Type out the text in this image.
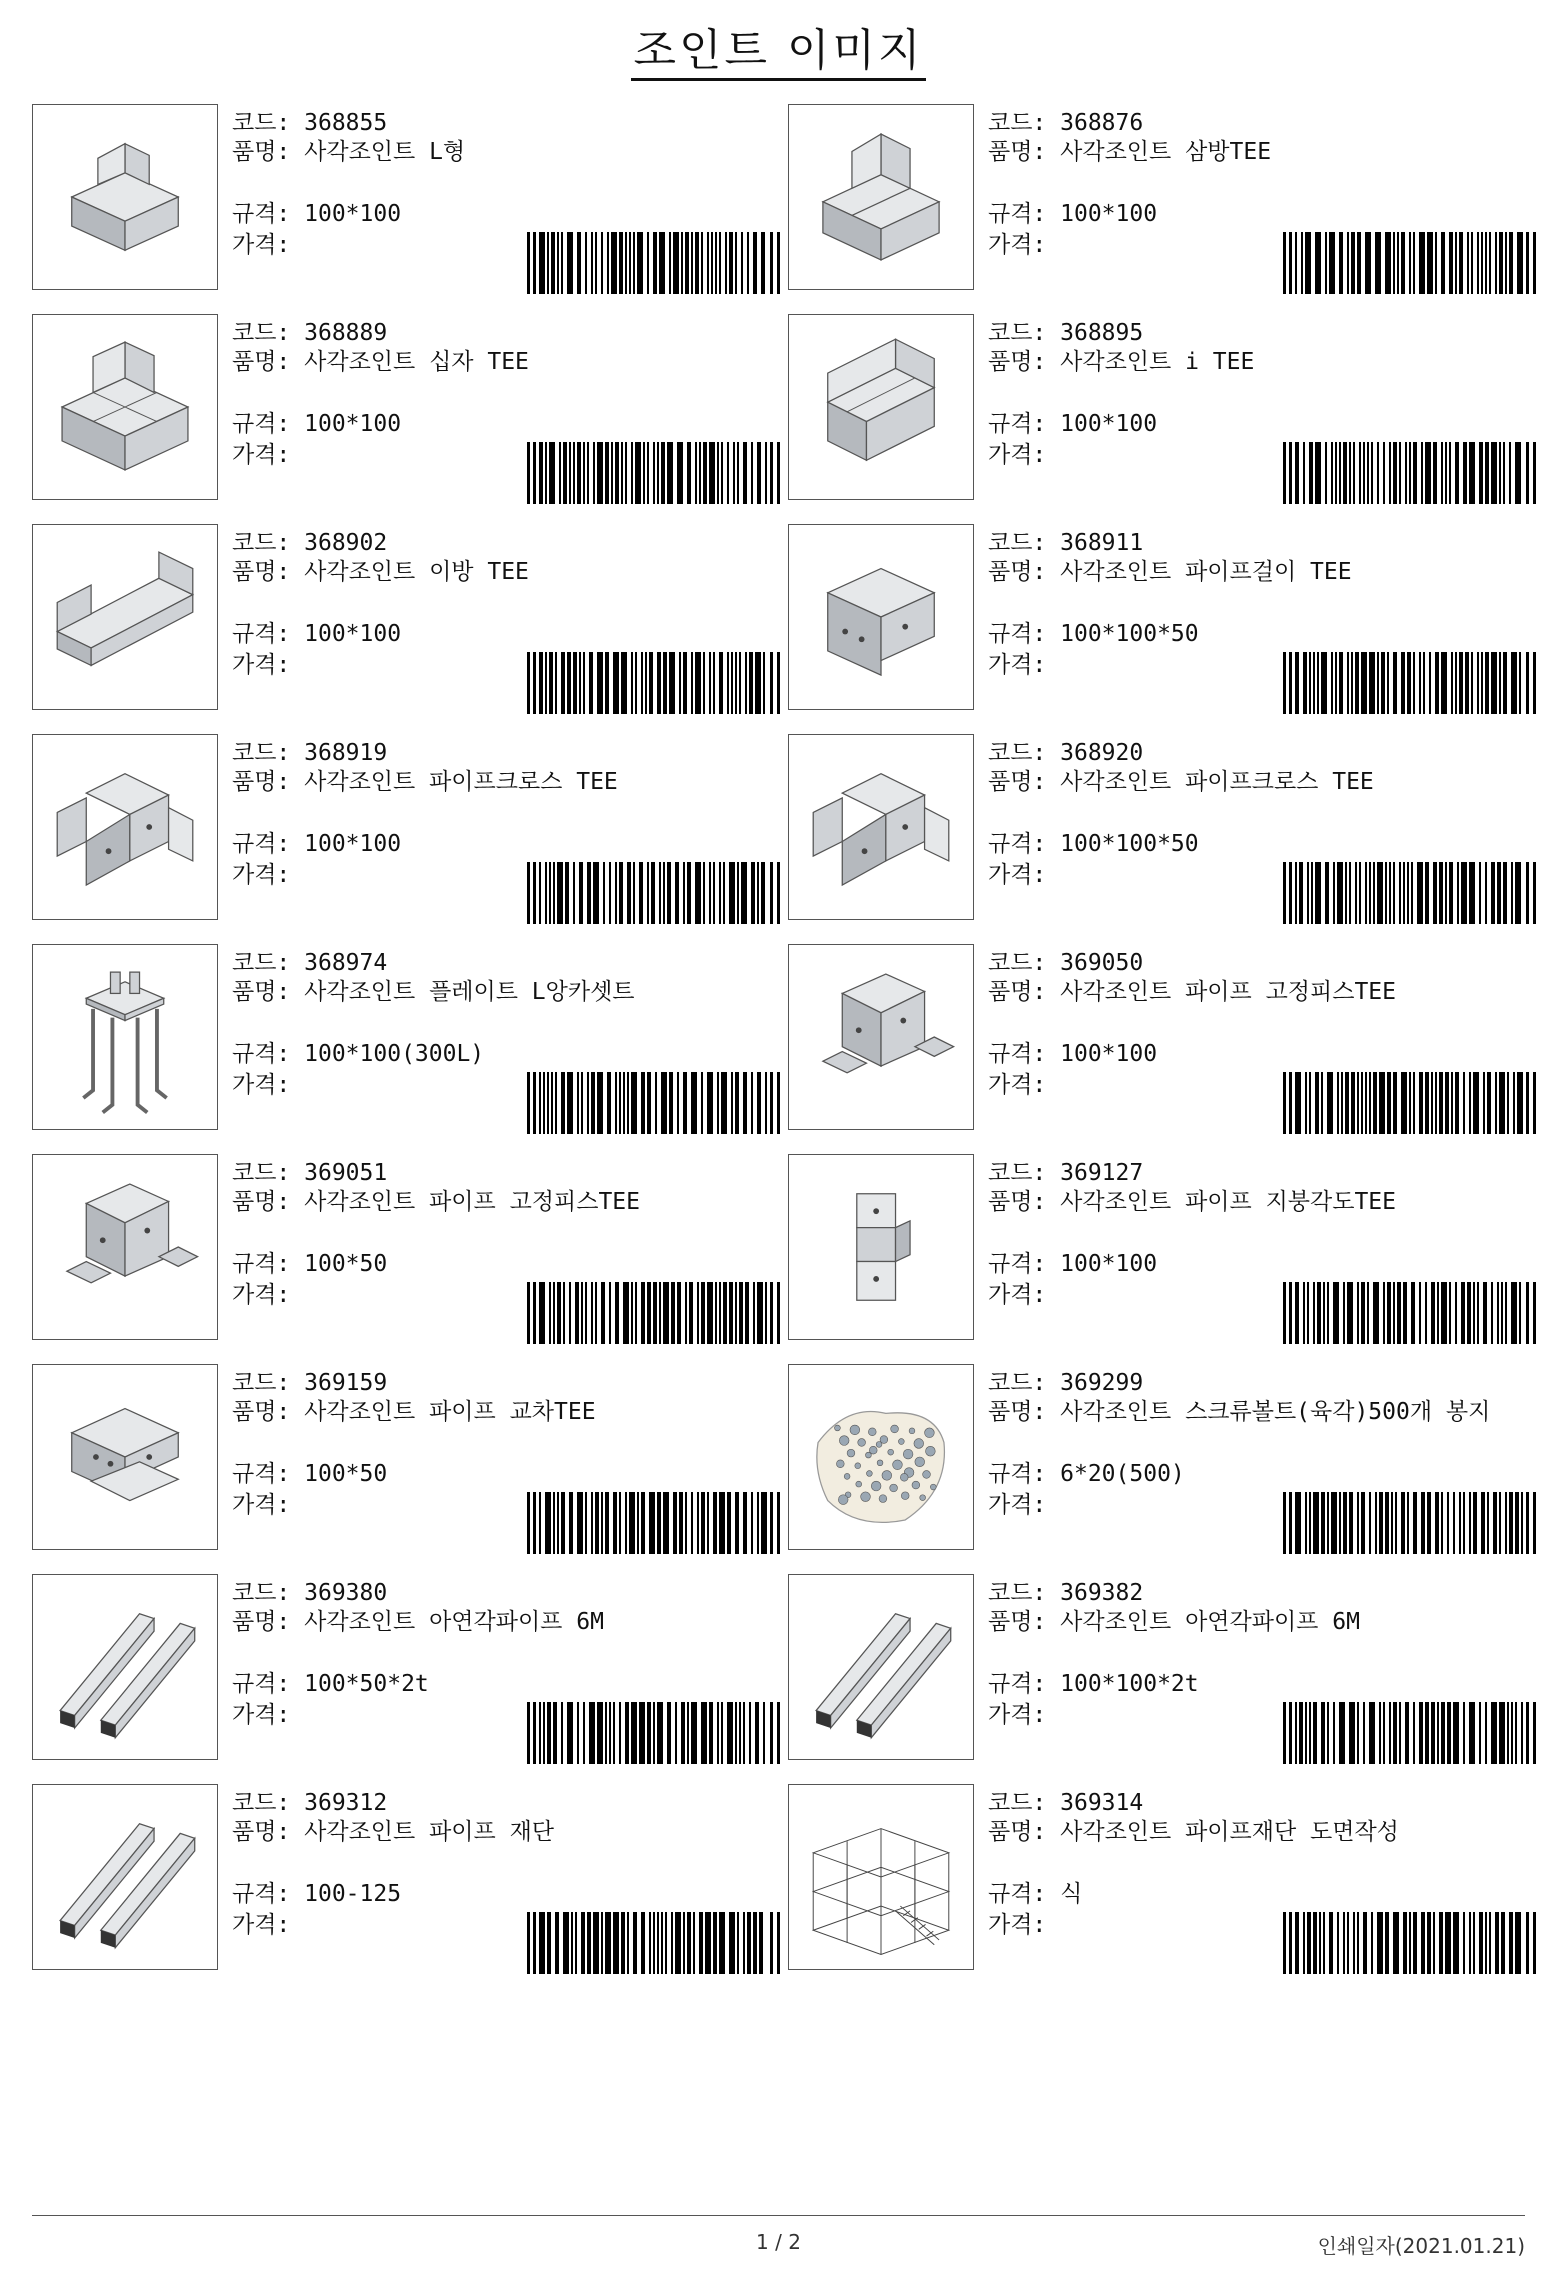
조인트 이미지
코드: 368855
품명: 사각조인트 L형
규격: 100*100
가격:
코드: 368876
품명: 사각조인트 삼방TEE
규격: 100*100
가격:
코드: 368889
품명: 사각조인트 십자 TEE
규격: 100*100
가격:
코드: 368895
품명: 사각조인트 i TEE
규격: 100*100
가격:
코드: 368902
품명: 사각조인트 이방 TEE
규격: 100*100
가격:
코드: 368911
품명: 사각조인트 파이프걸이 TEE
규격: 100*100*50
가격:
코드: 368919
품명: 사각조인트 파이프크로스 TEE
규격: 100*100
가격:
코드: 368920
품명: 사각조인트 파이프크로스 TEE
규격: 100*100*50
가격:
코드: 368974
품명: 사각조인트 플레이트 L앙카셋트
규격: 100*100(300L)
가격:
코드: 369050
품명: 사각조인트 파이프 고정피스TEE
규격: 100*100
가격:
코드: 369051
품명: 사각조인트 파이프 고정피스TEE
규격: 100*50
가격:
코드: 369127
품명: 사각조인트 파이프 지붕각도TEE
규격: 100*100
가격:
코드: 369159
품명: 사각조인트 파이프 교차TEE
규격: 100*50
가격:
코드: 369299
품명: 사각조인트 스크류볼트(육각)500개 봉지
규격: 6*20(500)
가격:
코드: 369380
품명: 사각조인트 아연각파이프 6M
규격: 100*50*2t
가격:
코드: 369382
품명: 사각조인트 아연각파이프 6M
규격: 100*100*2t
가격:
코드: 369312
품명: 사각조인트 파이프 재단
규격: 100-125
가격:
코드: 369314
품명: 사각조인트 파이프재단 도면작성
규격: 식
가격:
1 / 2	인쇄일자(2021.01.21)
